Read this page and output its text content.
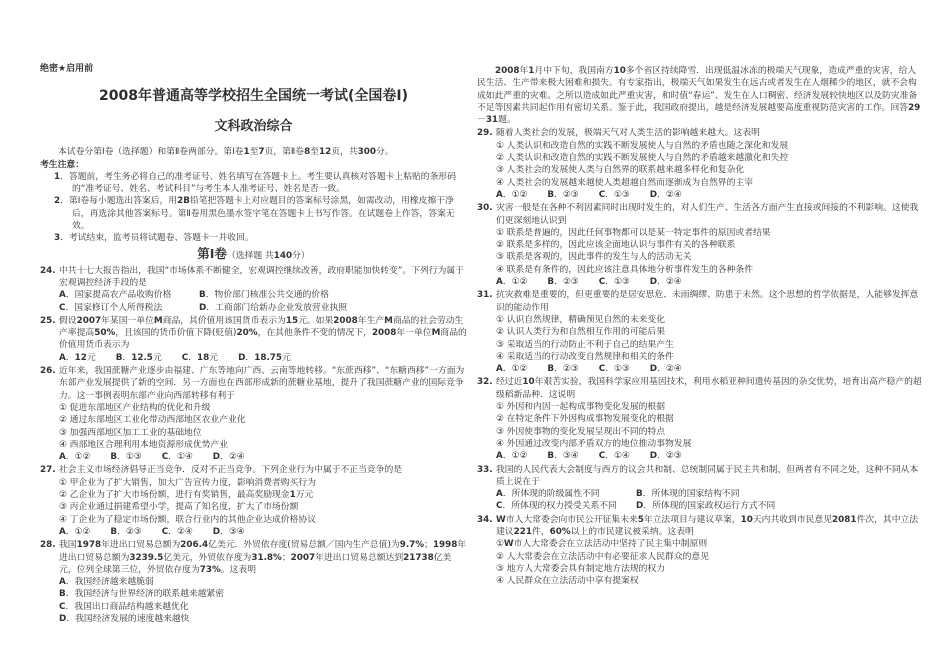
绝密★启用前
2008年普通高等学校招生全国统一考试(全国卷Ⅰ)
文科政治综合
本试卷分第Ⅰ卷（选择题）和第Ⅱ卷两部分。第Ⅰ卷1至7页，第Ⅱ卷8至12页，共300分。
考生注意：
1．答题前，考生务必将自己的准考证号、姓名填写在答题卡上。考生要认真核对答题卡上粘贴的条形码的“准考证号、姓名、考试科目”与考生本人准考证号、姓名是否一致。
2．第Ⅰ卷每小题选出答案后，用2B铅笔把答题卡上对应题目的答案标号涂黑，如需改动，用橡皮擦干净后，再选涂其他答案标号。第Ⅱ卷用黑色墨水签字笔在答题卡上书写作答。在试题卷上作答，答案无效。
3．考试结束，监考员将试题卷、答题卡一并收回。
第Ⅰ卷（选择题 共140分）
24. 中共十七大报告指出，我国“市场体系不断健全，宏观调控继续改善，政府职能加快转变”。下列行为属于宏观调控经济手段的是
A．国家提高农产品收购价格	B．物价部门核准公共交通的价格
C．国家修订个人所得税法	D．工商部门给新办企业发放营业执照
25. 假设2007年某国一单位M商品，其价值用该国货币表示为15元。如果2008年生产M商品的社会劳动生产率提高50%，且该国的货币价值下降(贬值)20%，在其他条件不变的情况下，2008年一单位M商品的价值用货币表示为
A．12元 B．12.5元 C．18元 D．18.75元
26. 近年来，我国蔗糖产业逐步由福建、广东等地向广西、云南等地转移。“东蔗西移”、“东糖西移”一方面为东部产业发展提供了新的空间．另一方面也在西部形成新的蔗糖业基地，提升了我国蔗糖产业的国际竞争力。这一事例表明东部产业向西部转移有利于
① 促进东部地区产业结构的优化和升级
② 通过东部地区工业化带动西部地区农业产业化
③ 加强西部地区加工工业的基础地位
④ 西部地区合理利用本地资源形成优势产业
A．①② B．①③ C．①④ D．②④
27. 社会主义市场经济倡导正当竞争．反对不正当竞争。下列企业行为中属于不正当竞争的是
① 甲企业为了扩大销售，加大广告宣传力度，影响消费者购买行为
② 乙企业为了扩大市场份额，进行有奖销售，最高奖励现金1万元
③ 丙企业通过捐建希望小学，提高了知名度，扩大了市场份额
④ 丁企业为了稳定市场份额，联合行业内的其他企业达成价格协议
A．①② B．②③ C．②④ D．③④
28. 我国1978年进出口贸易总额为206.4亿美元．外贸依存度(贸易总额／国内生产总值)为9.7%；1998年进出口贸易总额为3239.5亿美元，外贸依存度为31.8%；2007年进出口贸易总额达到21738亿美元，位列全球第三位，外贸依存度为73%。这表明
A．我国经济越来越脆弱
B．我国经济与世界经济的联系越来越紧密
C．我国出口商品结构越来越优化
D．我国经济发展的速度越来越快
2008年1月中下旬，我国南方10多个省区持续降雪．出现低温冰冻的极端天气现象，造成严重的灾害，给人民生活、生产带来极大困难和损失。有专家指出，极端天气如果发生在远古或者发生在人烟稀少的地区，就不会构成如此严重的灾难。之所以造成如此严重灾害，和时值“春运”、发生在人口稠密、经济发展较快地区以及防灾准备不足等因素共同起作用有密切关系。鉴于此，我国政府提出，越是经济发展越要高度重视防范灾害的工作。回答29－31题。
29. 随着人类社会的发展，极端天气对人类生活的影响越来越大。这表明
① 人类认识和改造自然的实践不断发展使人与自然的矛盾也随之深化和发展
② 人类认识和改造自然的实践不断发展使人与自然的矛盾越来越激化和失控
③ 人类社会的发展使人类与自然界的联系越来越多样化和复杂化
④ 人类社会的发展越来越使人类超越自然而逐渐成为自然界的主宰
A．①② B．②③ C．①③ D．②④
30. 灾害一般是在各种不利因素同时出现时发生的，对人们生产、生活各方面产生直接或间接的不利影响。这使我们更深刻地认识到
① 联系是普遍的，因此任何事物都可以是某一特定事件的原因或者结果
② 联系是多样的，因此应该全面地认识与事件有关的各种联系
③ 联系是客观的，因此事件的发生与人的活动无关
④ 联系是有条件的，因此应该注意具体地分析事件发生的各种条件
A．①② B．②③ C．①③ D．②④
31. 抗灾救难是重要的，但更重要的是居安思危、未雨绸缪、防患于未然。这个思想的哲学依据是，人能够发挥意识的能动作用
① 认识自然规律，精确预见自然的未来变化
② 认识人类行为和自然相互作用的可能后果
③ 采取适当的行动防止不利于自己的结果产生
④ 采取适当的行动改变自然规律和相关的条件
A．①② B．②③ C．①③ D．②④
32. 经过近10年艰苦实验，我国科学家应用基因技术，利用水稻亚种间遗传基因的杂交优势，培育出高产稳产的超级稻新品种．这说明
① 外因和内因一起构成事物变化发展的根据
② 在特定条件下外因构成事物发展变化的根据
③ 外因使事物的变化发展呈现出不同的特点
④ 外因通过改变内部矛盾双方的地位推动事物发展
A．①② B．③④ C．①④ D．②③
33. 我国的人民代表大会制度与西方的议会共和制、总统制同属于民主共和制，但两者有不同之处，这种不同从本质上说在于
A．所体现的阶级属性不同	B．所体现的国家结构不同
C．所体现的权力授受关系不同 D．所体现的国家政权运行方式不同
34. W市人大常委会向市民公开征集未来5年立法项目与建议草案，10天内共收到市民意见2081件次，其中立法建议221件，60%以上的市民建议被采纳。这表明
①W市人大常委会在立法活动中坚持了民主集中制原则
② 人大常委会在立法活动中有必要征求人民群众的意见
③ 地方人大常委会具有制定地方法规的权力
④ 人民群众在立法活动中享有提案权
